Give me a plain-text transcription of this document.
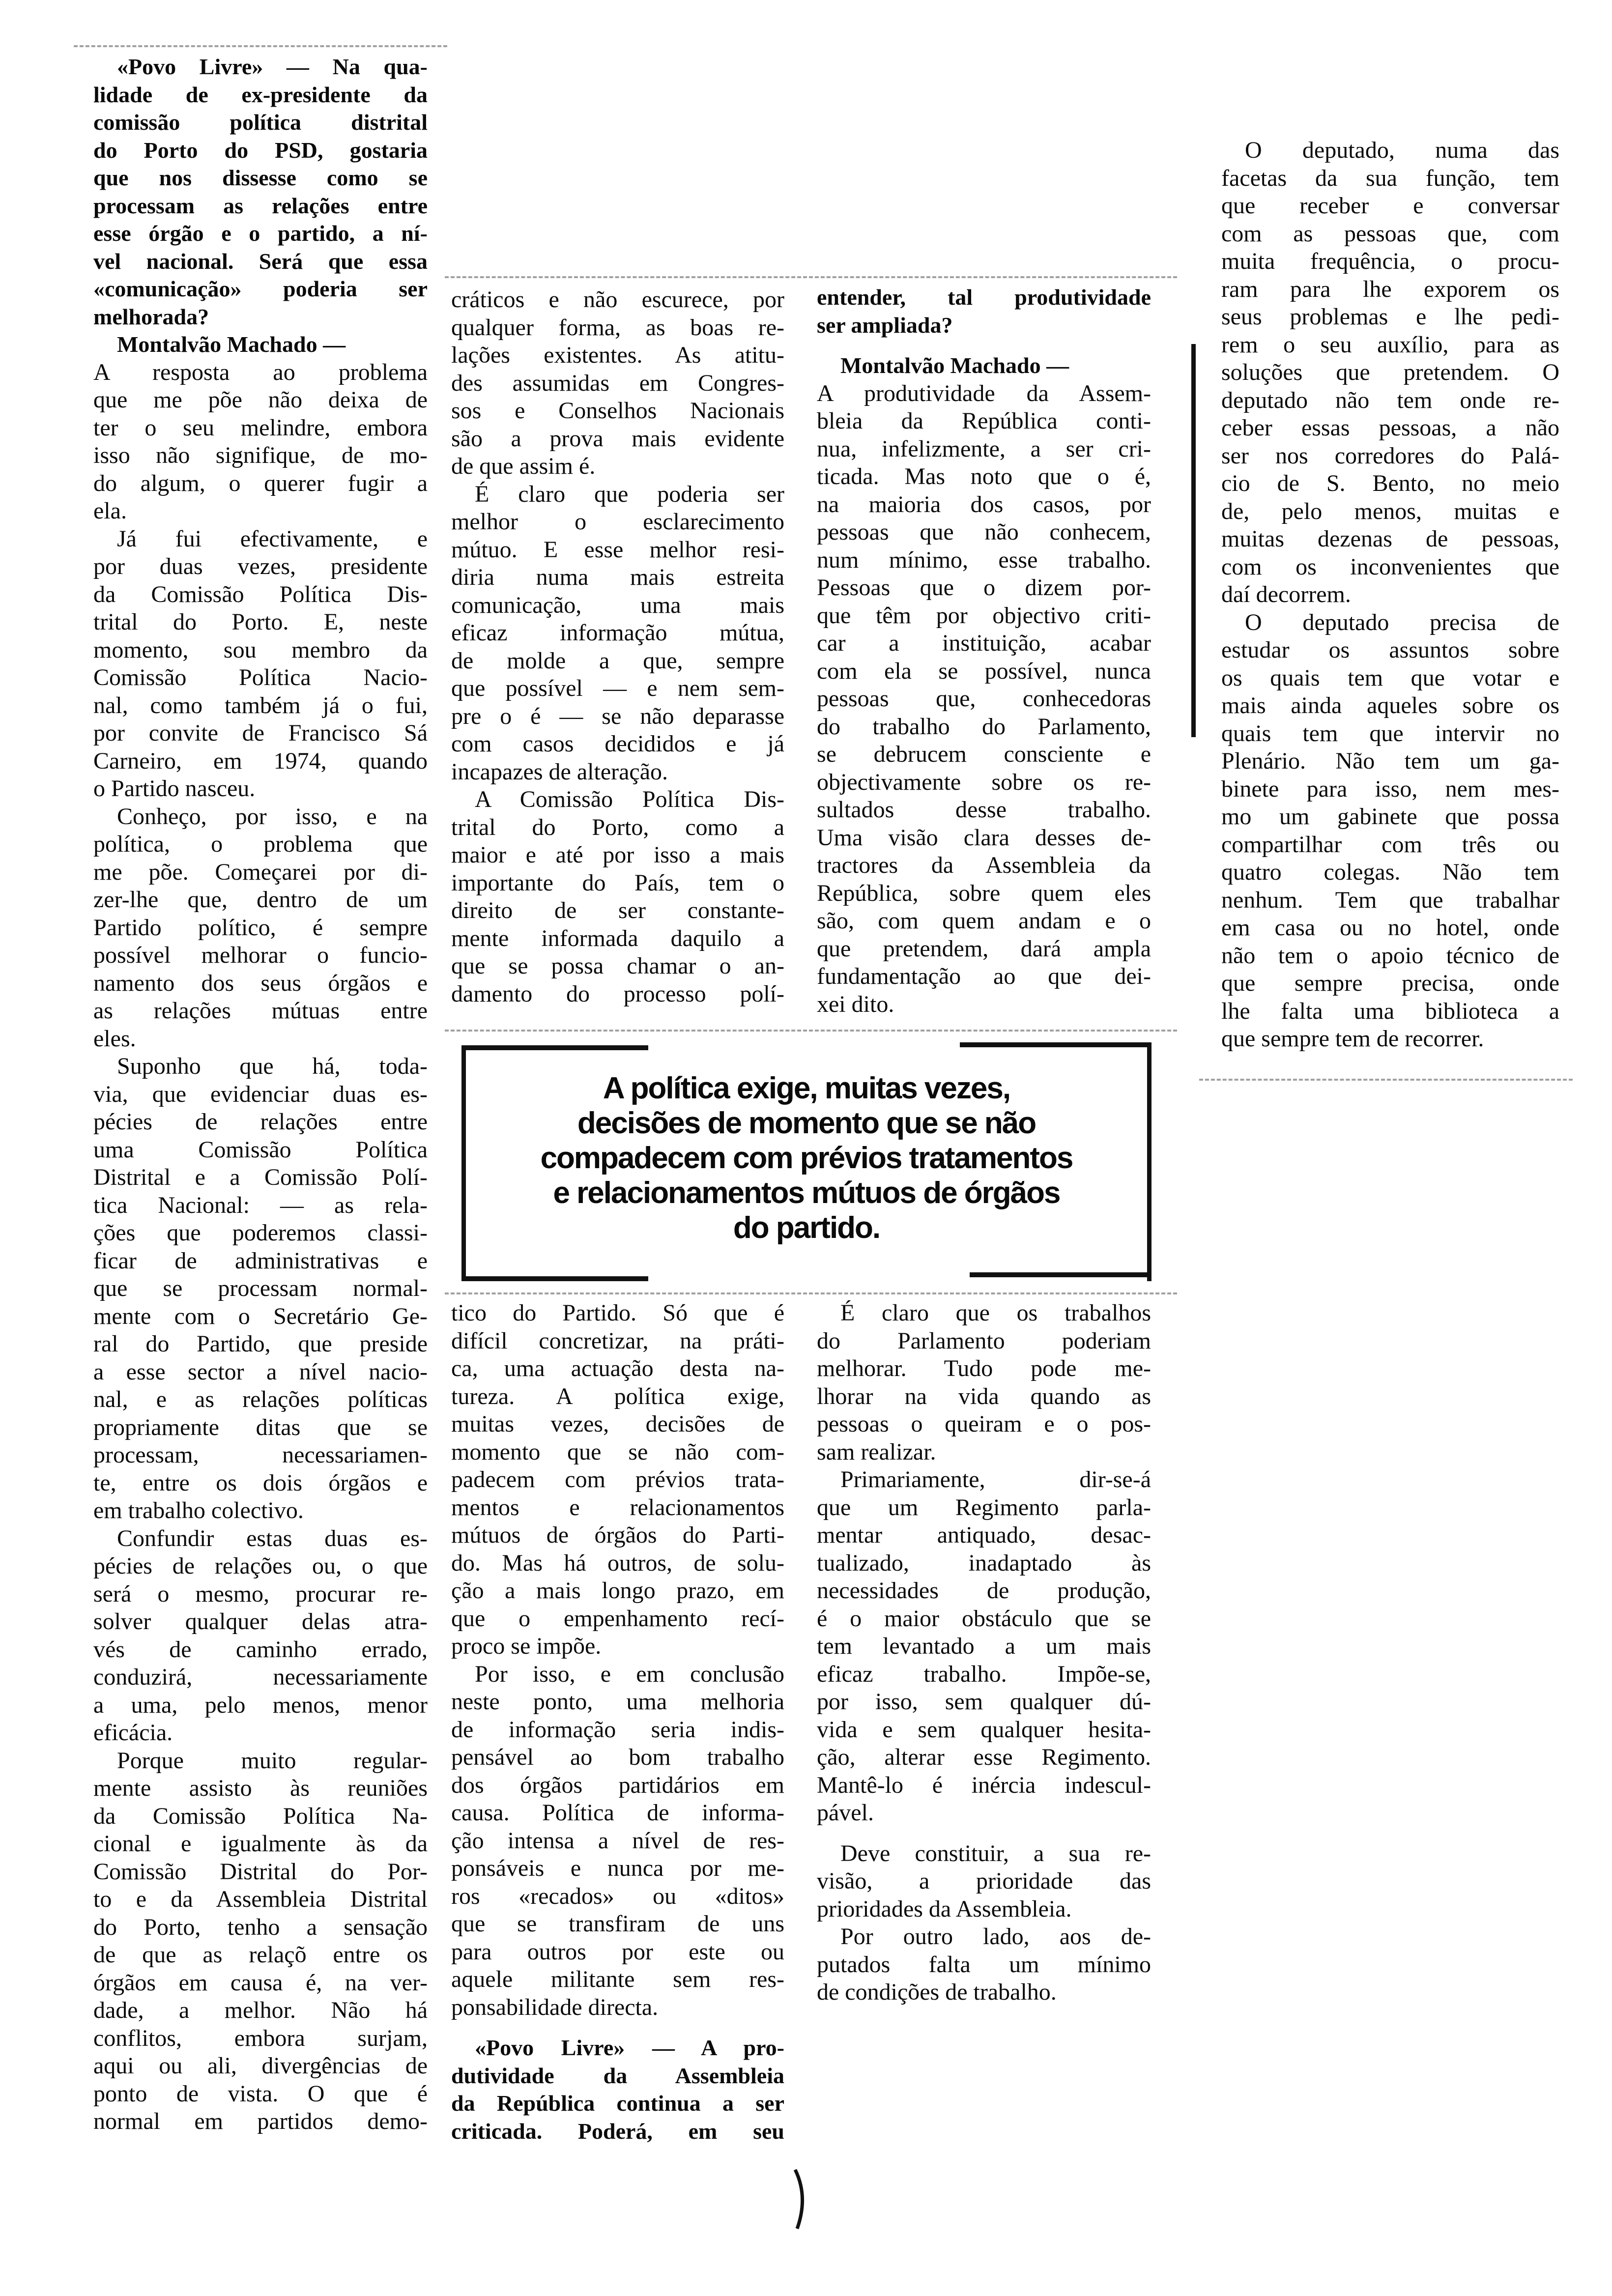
«Povo Livre» — Na qua-
lidade de ex-presidente da
comissão política distrital
do Porto do PSD, gostaria
que nos dissesse como se
processam as relações entre
esse órgão e o partido, a ní-
vel nacional. Será que essa
«comunicação» poderia ser
melhorada?
Montalvão Machado —
A resposta ao problema
que me põe não deixa de
ter o seu melindre, embora
isso não signifique, de mo-
do algum, o querer fugir a
ela.
Já fui efectivamente, e
por duas vezes, presidente
da Comissão Política Dis-
trital do Porto. E, neste
momento, sou membro da
Comissão Política Nacio-
nal, como também já o fui,
por convite de Francisco Sá
Carneiro, em 1974, quando
o Partido nasceu.
Conheço, por isso, e na
política, o problema que
me põe. Começarei por di-
zer-lhe que, dentro de um
Partido político, é sempre
possível melhorar o funcio-
namento dos seus órgãos e
as relações mútuas entre
eles.
Suponho que há, toda-
via, que evidenciar duas es-
pécies de relações entre
uma Comissão Política
Distrital e a Comissão Polí-
tica Nacional: — as rela-
ções que poderemos classi-
ficar de administrativas e
que se processam normal-
mente com o Secretário Ge-
ral do Partido, que preside
a esse sector a nível nacio-
nal, e as relações políticas
propriamente ditas que se
processam, necessariamen-
te, entre os dois órgãos e
em trabalho colectivo.
Confundir estas duas es-
pécies de relações ou, o que
será o mesmo, procurar re-
solver qualquer delas atra-
vés de caminho errado,
conduzirá, necessariamente
a uma, pelo menos, menor
eficácia.
Porque muito regular-
mente assisto às reuniões
da Comissão Política Na-
cional e igualmente às da
Comissão Distrital do Por-
to e da Assembleia Distrital
do Porto, tenho a sensação
de que as relaçõ entre os
órgãos em causa é, na ver-
dade, a melhor. Não há
conflitos, embora surjam,
aqui ou ali, divergências de
ponto de vista. O que é
normal em partidos demo-
cráticos e não escurece, por
qualquer forma, as boas re-
lações existentes. As atitu-
des assumidas em Congres-
sos e Conselhos Nacionais
são a prova mais evidente
de que assim é.
É claro que poderia ser
melhor o esclarecimento
mútuo. E esse melhor resi-
diria numa mais estreita
comunicação, uma mais
eficaz informação mútua,
de molde a que, sempre
que possível — e nem sem-
pre o é — se não deparasse
com casos decididos e já
incapazes de alteração.
A Comissão Política Dis-
trital do Porto, como a
maior e até por isso a mais
importante do País, tem o
direito de ser constante-
mente informada daquilo a
que se possa chamar o an-
damento do processo polí-
entender, tal produtividade
ser ampliada?
Montalvão Machado —
A produtividade da Assem-
bleia da República conti-
nua, infelizmente, a ser cri-
ticada. Mas noto que o é,
na maioria dos casos, por
pessoas que não conhecem,
num mínimo, esse trabalho.
Pessoas que o dizem por-
que têm por objectivo criti-
car a instituição, acabar
com ela se possível, nunca
pessoas que, conhecedoras
do trabalho do Parlamento,
se debrucem consciente e
objectivamente sobre os re-
sultados desse trabalho.
Uma visão clara desses de-
tractores da Assembleia da
República, sobre quem eles
são, com quem andam e o
que pretendem, dará ampla
fundamentação ao que dei-
xei dito.
tico do Partido. Só que é
difícil concretizar, na práti-
ca, uma actuação desta na-
tureza. A política exige,
muitas vezes, decisões de
momento que se não com-
padecem com prévios trata-
mentos e relacionamentos
mútuos de órgãos do Parti-
do. Mas há outros, de solu-
ção a mais longo prazo, em
que o empenhamento recí-
proco se impõe.
Por isso, e em conclusão
neste ponto, uma melhoria
de informação seria indis-
pensável ao bom trabalho
dos órgãos partidários em
causa. Política de informa-
ção intensa a nível de res-
ponsáveis e nunca por me-
ros «recados» ou «ditos»
que se transfiram de uns
para outros por este ou
aquele militante sem res-
ponsabilidade directa.
«Povo Livre» — A pro-
dutividade da Assembleia
da República continua a ser
criticada. Poderá, em seu
É claro que os trabalhos
do Parlamento poderiam
melhorar. Tudo pode me-
lhorar na vida quando as
pessoas o queiram e o pos-
sam realizar.
Primariamente, dir-se-á
que um Regimento parla-
mentar antiquado, desac-
tualizado, inadaptado às
necessidades de produção,
é o maior obstáculo que se
tem levantado a um mais
eficaz trabalho. Impõe-se,
por isso, sem qualquer dú-
vida e sem qualquer hesita-
ção, alterar esse Regimento.
Mantê-lo é inércia indescul-
pável.
Deve constituir, a sua re-
visão, a prioridade das
prioridades da Assembleia.
Por outro lado, aos de-
putados falta um mínimo
de condições de trabalho.
O deputado, numa das
facetas da sua função, tem
que receber e conversar
com as pessoas que, com
muita frequência, o procu-
ram para lhe exporem os
seus problemas e lhe pedi-
rem o seu auxílio, para as
soluções que pretendem. O
deputado não tem onde re-
ceber essas pessoas, a não
ser nos corredores do Palá-
cio de S. Bento, no meio
de, pelo menos, muitas e
muitas dezenas de pessoas,
com os inconvenientes que
daí decorrem.
O deputado precisa de
estudar os assuntos sobre
os quais tem que votar e
mais ainda aqueles sobre os
quais tem que intervir no
Plenário. Não tem um ga-
binete para isso, nem mes-
mo um gabinete que possa
compartilhar com três ou
quatro colegas. Não tem
nenhum. Tem que trabalhar
em casa ou no hotel, onde
não tem o apoio técnico de
que sempre precisa, onde
lhe falta uma biblioteca a
que sempre tem de recorrer.
A política exige, muitas vezes,
decisões de momento que se não
compadecem com prévios tratamentos
e relacionamentos mútuos de órgãos
do partido.
